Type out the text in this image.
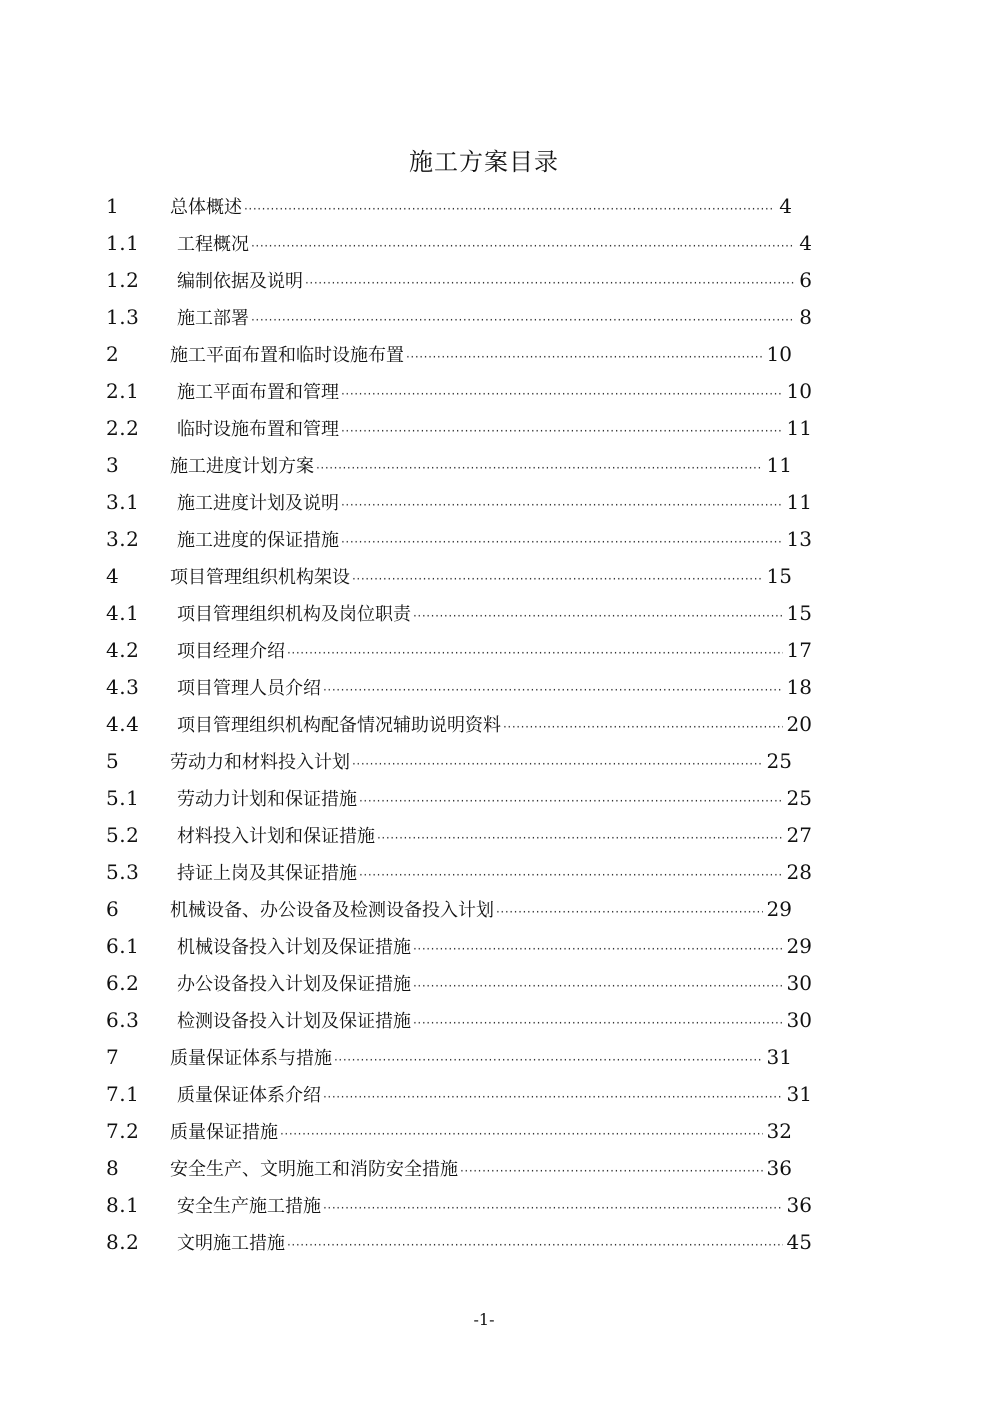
施工方案目录
1	总体概述 ·····	4
1.1 工程概况 ·····	4
1.2 编制依据及说明 ·····	6
1.3 施工部署 ·····	8
2	施工平面布置和临时设施布置 ·····	10
2.1 施工平面布置和管理 ·····	10
2.2 临时设施布置和管理 ·····	11
3	施工进度计划方案 ·····	11
3.1 施工进度计划及说明 ·····	11
3.2 施工进度的保证措施 ·····	13
4	项目管理组织机构架设 ·····	15
4.1 项目管理组织机构及岗位职责 ·····	15
4.2 项目经理介绍 ·····	17
4.3 项目管理人员介绍 ·····	18
4.4 项目管理组织机构配备情况辅助说明资料 ·····	20
5	劳动力和材料投入计划 ·····	25
5.1 劳动力计划和保证措施 ·····	25
5.2 材料投入计划和保证措施 ·····	27
5.3 持证上岗及其保证措施 ·····	28
6	机械设备、办公设备及检测设备投入计划 ·····	29
6.1 机械设备投入计划及保证措施 ·····	29
6.2 办公设备投入计划及保证措施 ·····	30
6.3 检测设备投入计划及保证措施 ·····	30
7	质量保证体系与措施 ·····	31
7.1 质量保证体系介绍 ·····	31
7.2 质量保证措施 ·····	32
8	安全生产、文明施工和消防安全措施 ·····	36
8.1 安全生产施工措施 ·····	36
8.2 文明施工措施 ·····	45
-1-
